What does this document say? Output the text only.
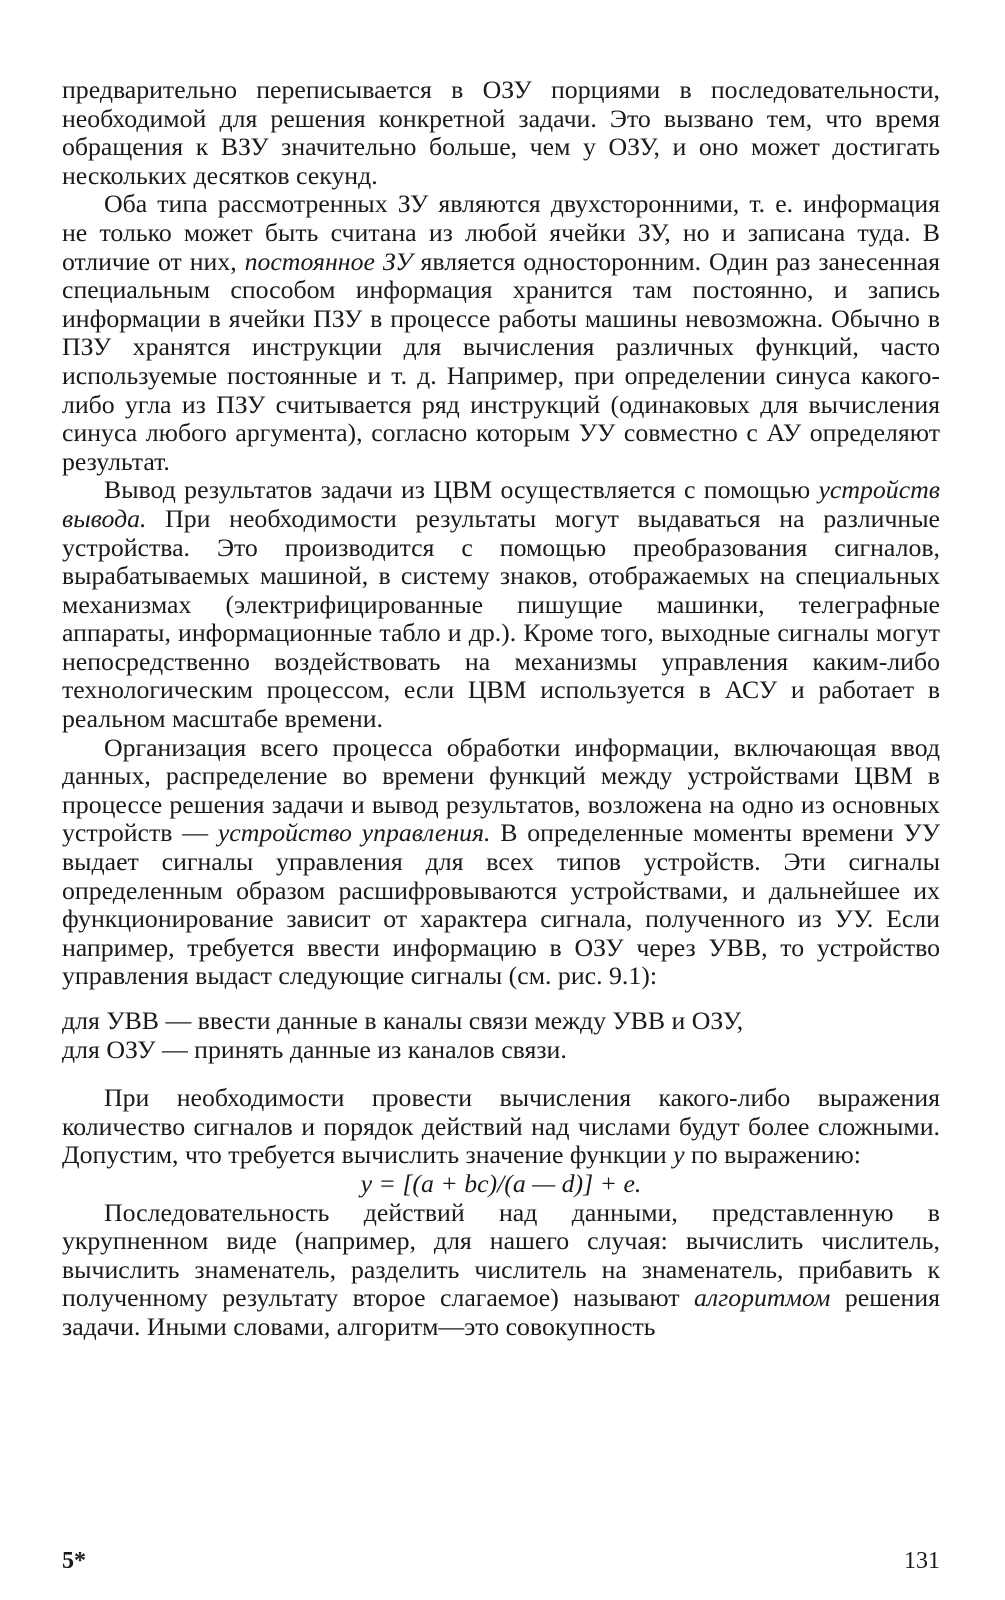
предварительно переписывается в ОЗУ порциями в последовательности, необходимой для решения конкретной задачи. Это вызвано тем, что время обращения к ВЗУ значительно больше, чем у ОЗУ, и оно может достигать нескольких десятков секунд.

Оба типа рассмотренных ЗУ являются двухсторонними, т. е. информация не только может быть считана из любой ячейки ЗУ, но и записана туда. В отличие от них, постоянное ЗУ является односторонним. Один раз занесенная специальным способом информация хранится там постоянно, и запись информации в ячейки ПЗУ в процессе работы машины невозможна. Обычно в ПЗУ хранятся инструкции для вычисления различных функций, часто используемые постоянные и т. д. Например, при определении синуса какого-либо угла из ПЗУ считывается ряд инструкций (одинаковых для вычисления синуса любого аргумента), согласно которым УУ совместно с АУ определяют результат.

Вывод результатов задачи из ЦВМ осуществляется с помощью устройств вывода. При необходимости результаты могут выдаваться на различные устройства. Это производится с помощью преобразования сигналов, вырабатываемых машиной, в систему знаков, отображаемых на специальных механизмах (электрифицированные пишущие машинки, телеграфные аппараты, информационные табло и др.). Кроме того, выходные сигналы могут непосредственно воздействовать на механизмы управления каким-либо технологическим процессом, если ЦВМ используется в АСУ и работает в реальном масштабе времени.

Организация всего процесса обработки информации, включающая ввод данных, распределение во времени функций между устройствами ЦВМ в процессе решения задачи и вывод результатов, возложена на одно из основных устройств — устройство управления. В определенные моменты времени УУ выдает сигналы управления для всех типов устройств. Эти сигналы определенным образом расшифровываются устройствами, и дальнейшее их функционирование зависит от характера сигнала, полученного из УУ. Если например, требуется ввести информацию в ОЗУ через УВВ, то устройство управления выдаст следующие сигналы (см. рис. 9.1):

для УВВ — ввести данные в каналы связи между УВВ и ОЗУ,

для ОЗУ — принять данные из каналов связи.

При необходимости провести вычисления какого-либо выражения количество сигналов и порядок действий над числами будут более сложными. Допустим, что требуется вычислить значение функции y по выражению:

y = [(a + bc)/(a — d)] + e.

Последовательность действий над данными, представленную в укрупненном виде (например, для нашего случая: вычислить числитель, вычислить знаменатель, разделить числитель на знаменатель, прибавить к полученному результату второе слагаемое) называют алгоритмом решения задачи. Иными словами, алгоритм—это совокупность

5*	131
